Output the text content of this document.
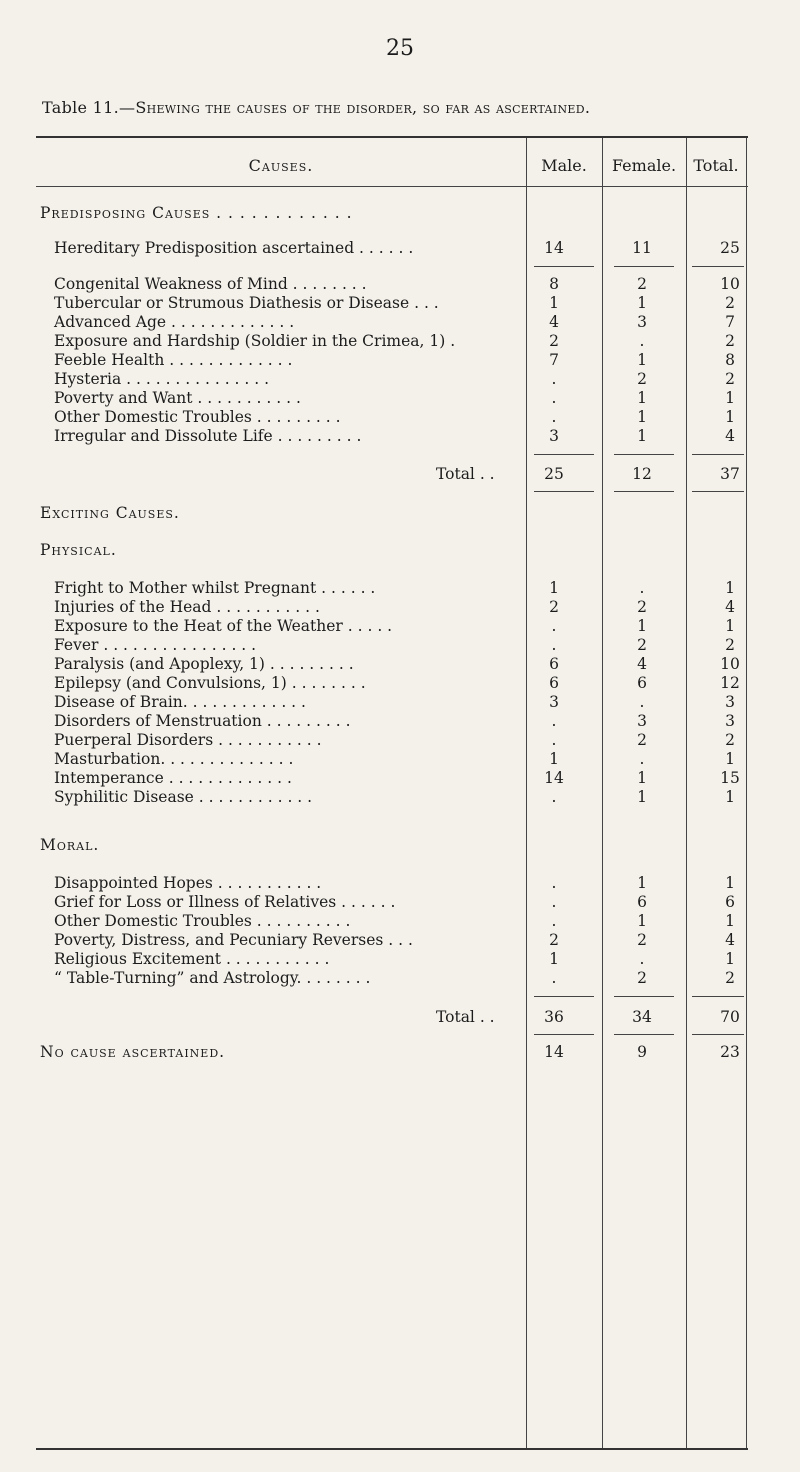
25
Table 11.—Shewing the causes of the disorder, so far as ascertained.
Causes.	Male.	Female.	Total.
Predisposing Causes . . . . . . . . . . . .
Hereditary Predisposition ascertained . . . . . .	14	11	25
Congenital Weakness of Mind . . . . . . . .	8	2	10
Tubercular or Strumous Diathesis or Disease . . .	1	1	2
Advanced Age . . . . . . . . . . . . .	4	3	7
Exposure and Hardship (Soldier in the Crimea, 1) .	2	.	2
Feeble Health . . . . . . . . . . . . .	7	1	8
Hysteria . . . . . . . . . . . . . . .	.	2	2
Poverty and Want . . . . . . . . . . .	.	1	1
Other Domestic Troubles . . . . . . . . .	.	1	1
Irregular and Dissolute Life . . . . . . . . .	3	1	4
Total . .	25	12	37
Exciting Causes.
Physical.
Fright to Mother whilst Pregnant . . . . . .	1	.	1
Injuries of the Head . . . . . . . . . . .	2	2	4
Exposure to the Heat of the Weather . . . . .	.	1	1
Fever . . . . . . . . . . . . . . . .	.	2	2
Paralysis (and Apoplexy, 1) . . . . . . . . .	6	4	10
Epilepsy (and Convulsions, 1) . . . . . . . .	6	6	12
Disease of Brain. . . . . . . . . . . . .	3	.	3
Disorders of Menstruation . . . . . . . . .	.	3	3
Puerperal Disorders . . . . . . . . . . .	.	2	2
Masturbation. . . . . . . . . . . . . .	1	.	1
Intemperance . . . . . . . . . . . . .	14	1	15
Syphilitic Disease . . . . . . . . . . . .	.	1	1
Moral.
Disappointed Hopes . . . . . . . . . . .	.	1	1
Grief for Loss or Illness of Relatives . . . . . .	.	6	6
Other Domestic Troubles . . . . . . . . . .	.	1	1
Poverty, Distress, and Pecuniary Reverses . . .	2	2	4
Religious Excitement . . . . . . . . . . .	1	.	1
“ Table-Turning” and Astrology. . . . . . . .	.	2	2
Total . .	36	34	70
No cause ascertained.	14	9	23
